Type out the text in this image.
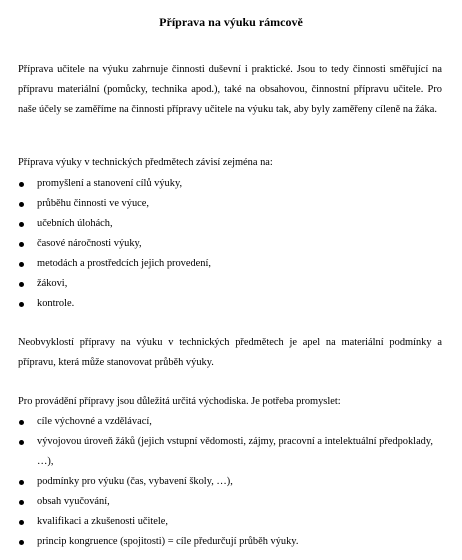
Příprava na výuku rámcově

Příprava učitele na výuku zahrnuje činnosti duševní i praktické. Jsou to tedy činnosti směřující na přípravu materiální (pomůcky, technika apod.), také na obsahovou, činnostní přípravu učitele. Pro naše účely se zaměříme na činnosti přípravy učitele na výuku tak, aby byly zaměřeny cíleně na žáka.

Příprava výuky v technických předmětech závisí zejména na:

promyšlení a stanovení cílů výuky,
průběhu činnosti ve výuce,
učebních úlohách,
časové náročnosti výuky,
metodách a prostředcích jejich provedení,
žákovi,
kontrole.

Neobvyklostí přípravy na výuku v technických předmětech je apel na materiální podmínky a přípravu, která může stanovovat průběh výuky.

Pro provádění přípravy jsou důležitá určitá východiska. Je potřeba promyslet:

cíle výchovné a vzdělávací,
vývojovou úroveň žáků (jejich vstupní vědomosti, zájmy, pracovní a intelektuální předpoklady, …),
podmínky pro výuku (čas, vybavení školy, …),
obsah vyučování,
kvalifikaci a zkušenosti učitele,
princip kongruence (spojitosti) = cíle předurčují průběh výuky.
